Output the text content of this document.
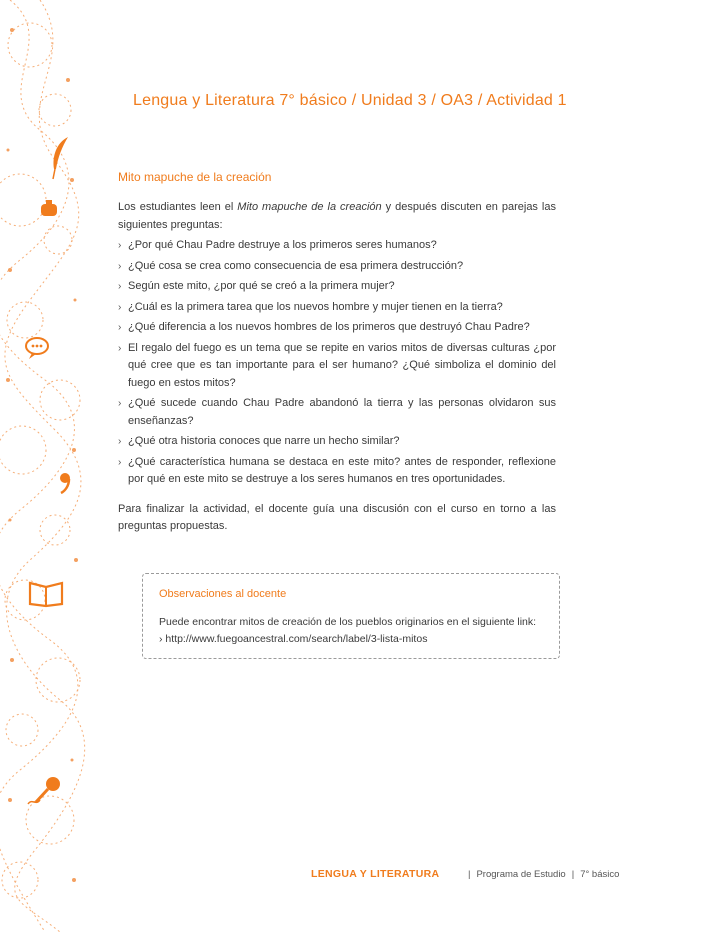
Lengua y Literatura 7° básico / Unidad 3 / OA3 / Actividad 1
Mito mapuche de la creación

Los estudiantes leen el Mito mapuche de la creación y después discuten en parejas las siguientes preguntas:

› ¿Por qué Chau Padre destruye a los primeros seres humanos?
› ¿Qué cosa se crea como consecuencia de esa primera destrucción?
› Según este mito, ¿por qué se creó a la primera mujer?
› ¿Cuál es la primera tarea que los nuevos hombre y mujer tienen en la tierra?
› ¿Qué diferencia a los nuevos hombres de los primeros que destruyó Chau Padre?
› El regalo del fuego es un tema que se repite en varios mitos de diversas culturas ¿por qué cree que es tan importante para el ser humano? ¿Qué simboliza el dominio del fuego en estos mitos?
› ¿Qué sucede cuando Chau Padre abandonó la tierra y las personas olvidaron sus enseñanzas?
› ¿Qué otra historia conoces que narre un hecho similar?
› ¿Qué característica humana se destaca en este mito? antes de responder, reflexione por qué en este mito se destruye a los seres humanos en tres oportunidades.

Para finalizar la actividad, el docente guía una discusión con el curso en torno a las preguntas propuestas.

Observaciones al docente
Puede encontrar mitos de creación de los pueblos originarios en el siguiente link:
› http://www.fuegoancestral.com/search/label/3-lista-mitos
LENGUA Y LITERATURA	| Programa de Estudio | 7° básico
